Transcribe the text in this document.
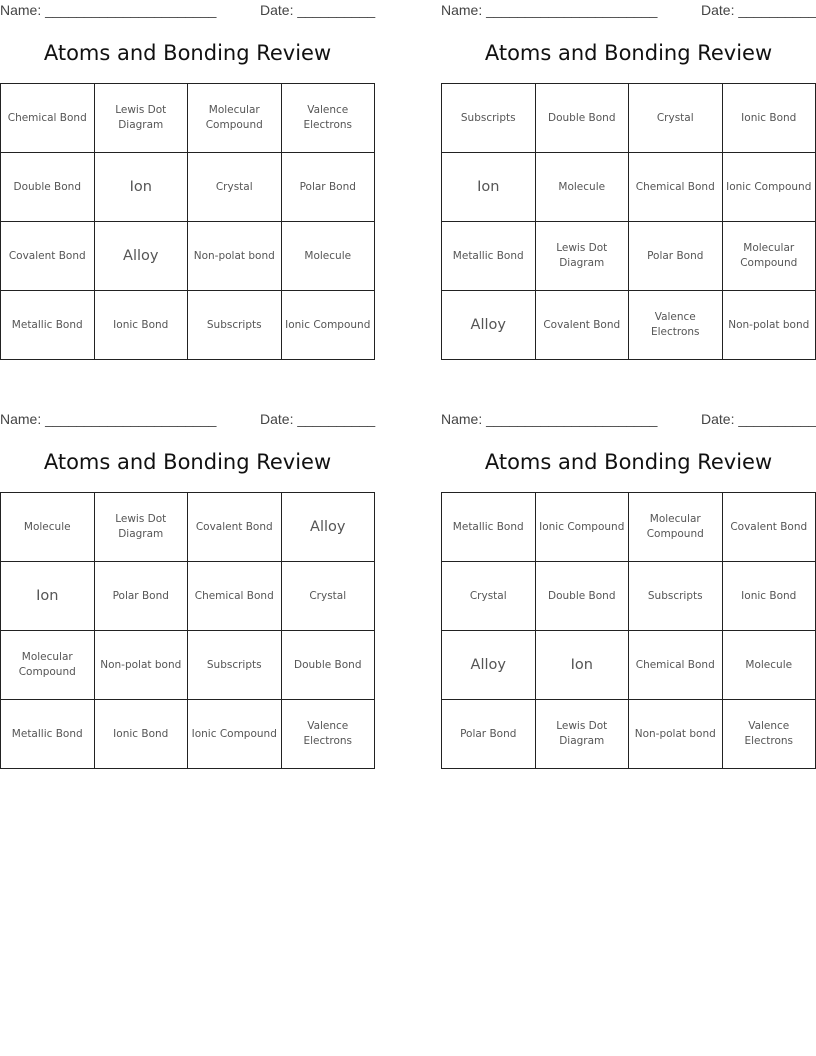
Name: ______________________	Date: __________
Atoms and Bonding Review
Chemical Bond	Lewis Dot Diagram	Molecular Compound	Valence Electrons
Double Bond	Ion	Crystal	Polar Bond
Covalent Bond	Alloy	Non-polat bond	Molecule
Metallic Bond	Ionic Bond	Subscripts	Ionic Compound
Name: ______________________	Date: __________
Atoms and Bonding Review
Subscripts	Double Bond	Crystal	Ionic Bond
Ion	Molecule	Chemical Bond	Ionic Compound
Metallic Bond	Lewis Dot Diagram	Polar Bond	Molecular Compound
Alloy	Covalent Bond	Valence Electrons	Non-polat bond
Name: ______________________	Date: __________
Atoms and Bonding Review
Molecule	Lewis Dot Diagram	Covalent Bond	Alloy
Ion	Polar Bond	Chemical Bond	Crystal
Molecular Compound	Non-polat bond	Subscripts	Double Bond
Metallic Bond	Ionic Bond	Ionic Compound	Valence Electrons
Name: ______________________	Date: __________
Atoms and Bonding Review
Metallic Bond	Ionic Compound	Molecular Compound	Covalent Bond
Crystal	Double Bond	Subscripts	Ionic Bond
Alloy	Ion	Chemical Bond	Molecule
Polar Bond	Lewis Dot Diagram	Non-polat bond	Valence Electrons
